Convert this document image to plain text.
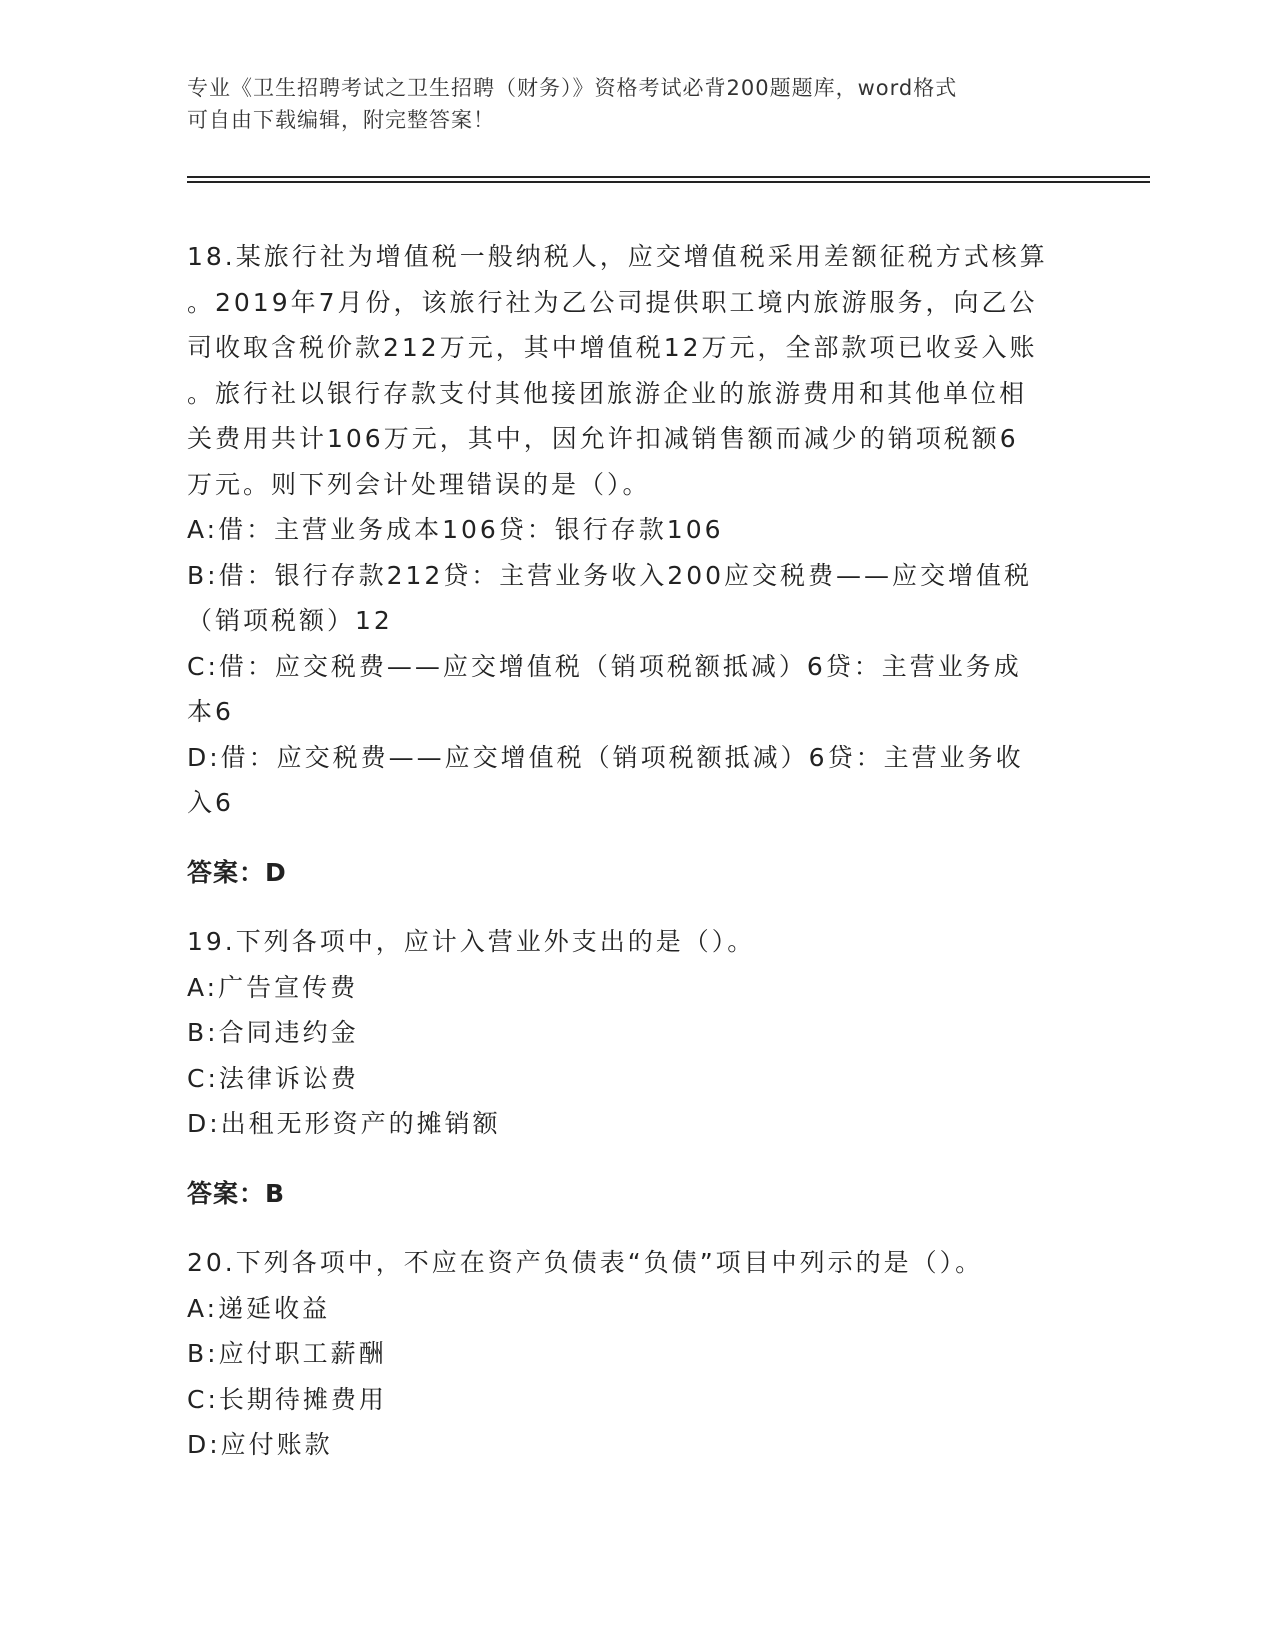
专业《卫生招聘考试之卫生招聘（财务）》资格考试必背200题题库，word格式
可自由下载编辑，附完整答案！

18.某旅行社为增值税一般纳税人，应交增值税采用差额征税方式核算

。2019年7月份，该旅行社为乙公司提供职工境内旅游服务，向乙公

司收取含税价款212万元，其中增值税12万元，全部款项已收妥入账

。旅行社以银行存款支付其他接团旅游企业的旅游费用和其他单位相

关费用共计106万元，其中，因允许扣减销售额而减少的销项税额6

万元。则下列会计处理错误的是（）。

A:借：主营业务成本106贷：银行存款106

B:借：银行存款212贷：主营业务收入200应交税费——应交增值税

（销项税额）12

C:借：应交税费——应交增值税（销项税额抵减）6贷：主营业务成

本6

D:借：应交税费——应交增值税（销项税额抵减）6贷：主营业务收

入6

答案：D

19.下列各项中，应计入营业外支出的是（）。

A:广告宣传费

B:合同违约金

C:法律诉讼费

D:出租无形资产的摊销额

答案：B

20.下列各项中，不应在资产负债表“负债”项目中列示的是（）。

A:递延收益

B:应付职工薪酬

C:长期待摊费用

D:应付账款
